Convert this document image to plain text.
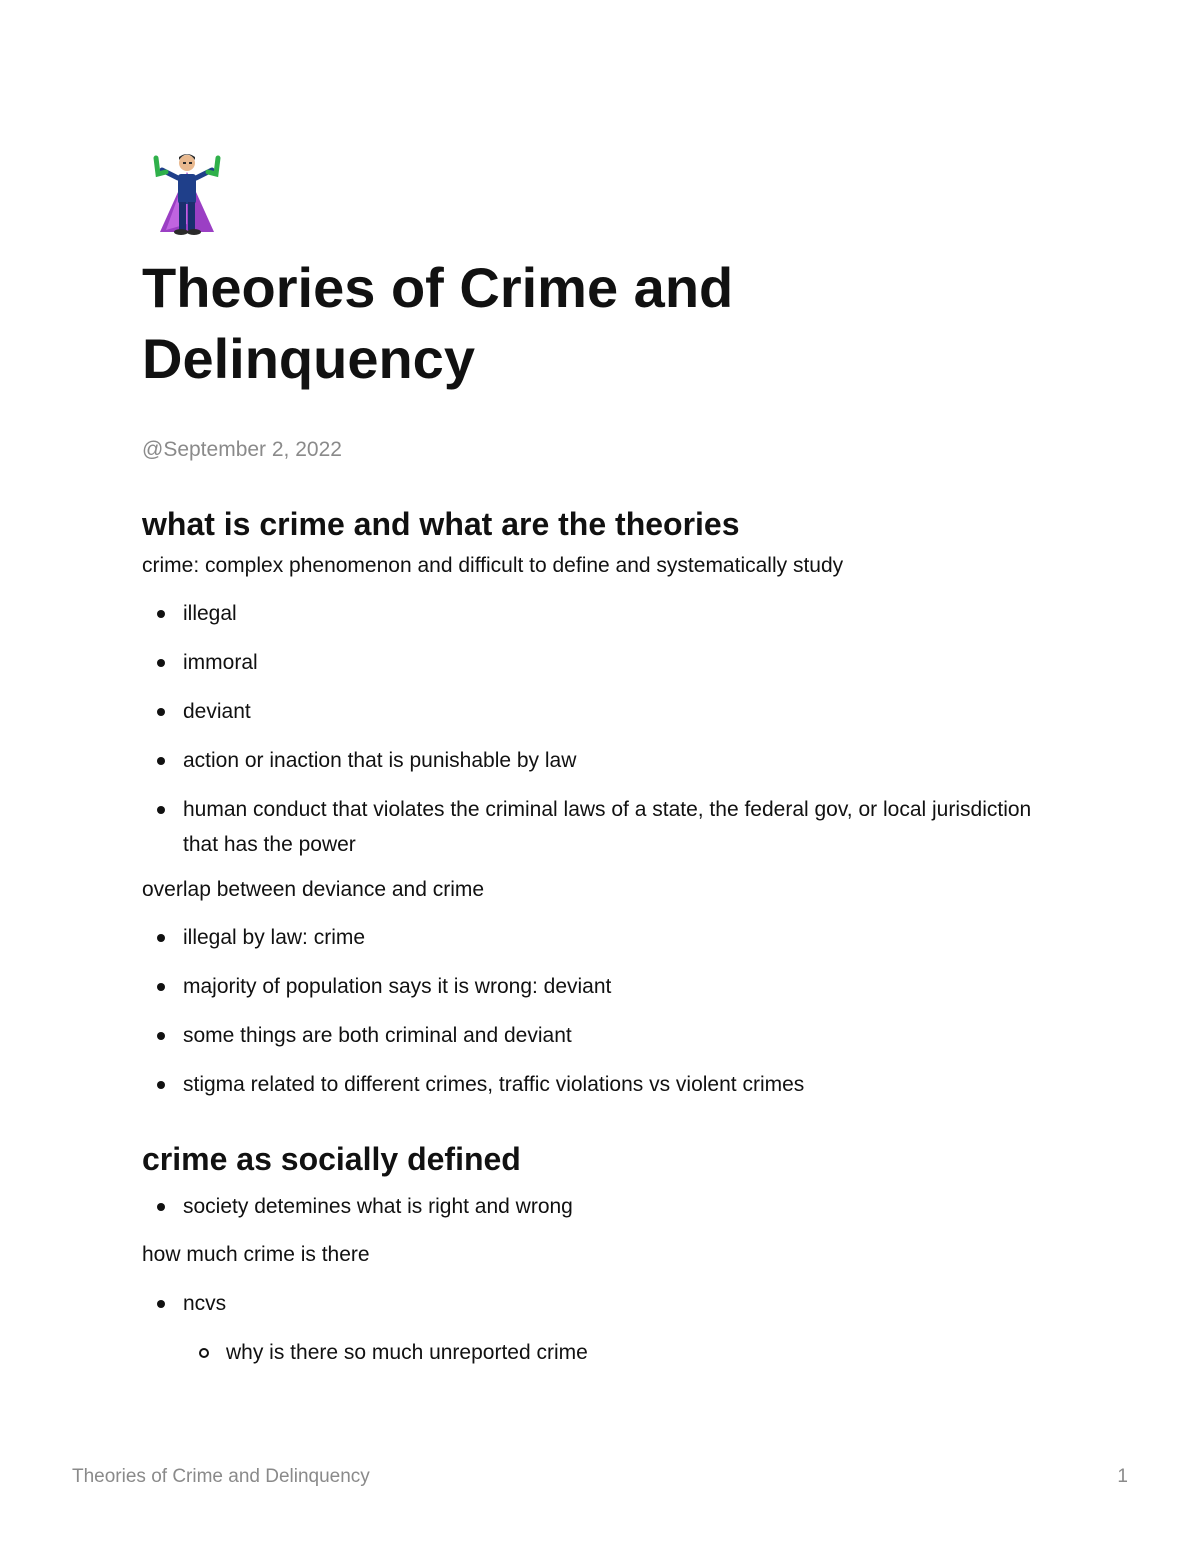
Theories of Crime and Delinquency
@September 2, 2022
what is crime and what are the theories

crime: complex phenomenon and difficult to define and systematically study

illegal
immoral
deviant
action or inaction that is punishable by law
human conduct that violates the criminal laws of a state, the federal gov, or local jurisdiction that has the power

overlap between deviance and crime

illegal by law: crime
majority of population says it is wrong: deviant
some things are both criminal and deviant
stigma related to different crimes, traffic violations vs violent crimes
crime as socially defined
society detemines what is right and wrong

how much crime is there

ncvs
why is there so much unreported crime
Theories of Crime and Delinquency	1
